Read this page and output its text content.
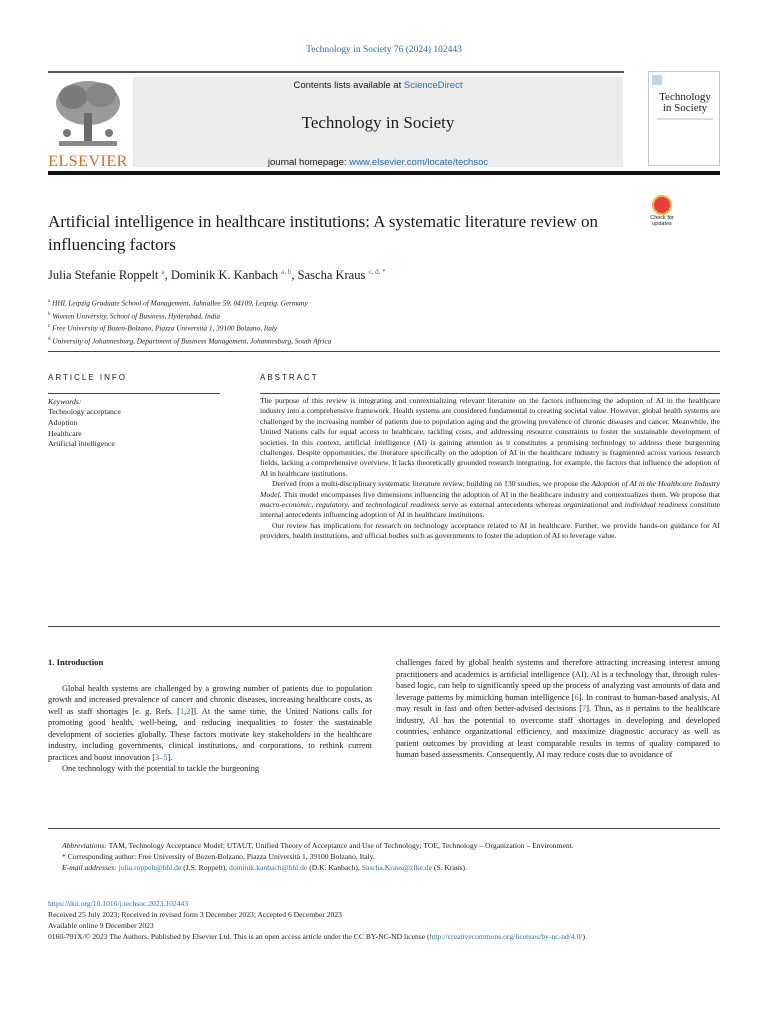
Technology in Society 76 (2024) 102443
ELSEVIER
Contents lists available at ScienceDirect
Technology in Society
journal homepage: www.elsevier.com/locate/techsoc
Technology
in Society
Artificial intelligence in healthcare institutions: A systematic literature review on influencing factors
Check for updates
Julia Stefanie Roppelt $^a$, Dominik K. Kanbach $^{a, b}$, Sascha Kraus $^{c, d, *}$
$^a$ HHL Leipzig Graduate School of Management, Jahnallee 59, 04109, Leipzig, Germany
$^b$ Woxsen University, School of Business, Hyderabad, India
$^c$ Free University of Bozen-Bolzano, Piazza Università 1, 39100 Bolzano, Italy
$^d$ University of Johannesburg, Department of Business Management, Johannesburg, South Africa
ARTICLE INFO
Keywords:
Technology acceptance
Adoption
Healthcare
Artificial intelligence
ABSTRACT

The purpose of this review is integrating and contextualizing relevant literature on the factors influencing the adoption of AI in the healthcare industry into a comprehensive framework. Health systems are considered fundamental to creating societal value. However, global health systems are challenged by the increasing number of patients due to population aging and the growing prevalence of chronic diseases and cancer. Meanwhile, the United Nations calls for equal access to healthcare, tackling costs, and addressing resource constraints to foster the sustainable development of societies. In this context, artificial intelligence (AI) is gaining attention as it constitutes a promising technology to address these burgeoning challenges. Despite opportunities, the literature specifically on the adoption of AI in the healthcare industry is fragmented across various research fields, lacking a comprehensive overview. It lacks theoretically grounded research integrating, for example, the factors that influence the adoption of AI in healthcare institutions.

Derived from a multi-disciplinary systematic literature review, building on 130 studies, we propose the Adoption of AI in the Healthcare Industry Model. This model encompasses five dimensions influencing the adoption of AI in the healthcare industry and contextualizes them. We propose that macro-economic, regulatory, and technological readiness serve as external antecedents whereas organizational and individual readiness constitute internal antecedents influencing adoption of AI in healthcare institutions.

Our review has implications for research on technology acceptance related to AI in healthcare. Further, we provide hands-on guidance for AI providers, health institutions, and official bodies such as governments to foster the adoption of AI to leverage value.

1. Introduction

Global health systems are challenged by a growing number of patients due to population growth and increased prevalence of cancer and chronic diseases, increasing healthcare costs, as well as staff shortages [e. g. Refs. [1,2]]. At the same time, the United Nations calls for promoting good health, well-being, and reducing inequalities to foster the sustainable development of societies globally. These factors motivate key stakeholders in the healthcare industry, including governments, clinical institutions, and corporations, to rethink current practices and boost innovation [3–5].

One technology with the potential to tackle the burgeoning

challenges faced by global health systems and therefore attracting increasing interest among practitioners and academics is artificial intelligence (AI). AI is a technology that, through rules-based logic, can help to significantly speed up the process of analyzing vast amounts of data and leverage patterns by mimicking human intelligence [6]. In contrast to human-based analysis, AI may result in fast and often better-advised decisions [7]. Thus, as it pertains to the healthcare industry, AI has the potential to overcome staff shortages in developing and developed countries, enhance organizational efficiency, and maximize diagnostic accuracy as well as patient outcomes by providing at least comparable results in terms of quality compared to human based assessments. Consequently, AI may reduce costs due to avoidance of

Abbreviations: TAM, Technology Acceptance Model; UTAUT, Unified Theory of Acceptance and Use of Technology; TOE, Technology – Organization – Environment.

* Corresponding author: Free University of Bozen-Bolzano, Piazza Università 1, 39100 Bolzano, Italy.

E-mail addresses: julia.roppelt@hhl.de (J.S. Roppelt), dominik.kanbach@hhl.de (D.K. Kanbach), Sascha.Kraus@zfke.de (S. Kraus).

https://doi.org/10.1016/j.techsoc.2023.102443
Received 25 July 2023; Received in revised form 3 December 2023; Accepted 6 December 2023
Available online 9 December 2023
0160-791X/© 2023 The Authors. Published by Elsevier Ltd. This is an open access article under the CC BY-NC-ND license (http://creativecommons.org/licenses/by-nc-nd/4.0/).
